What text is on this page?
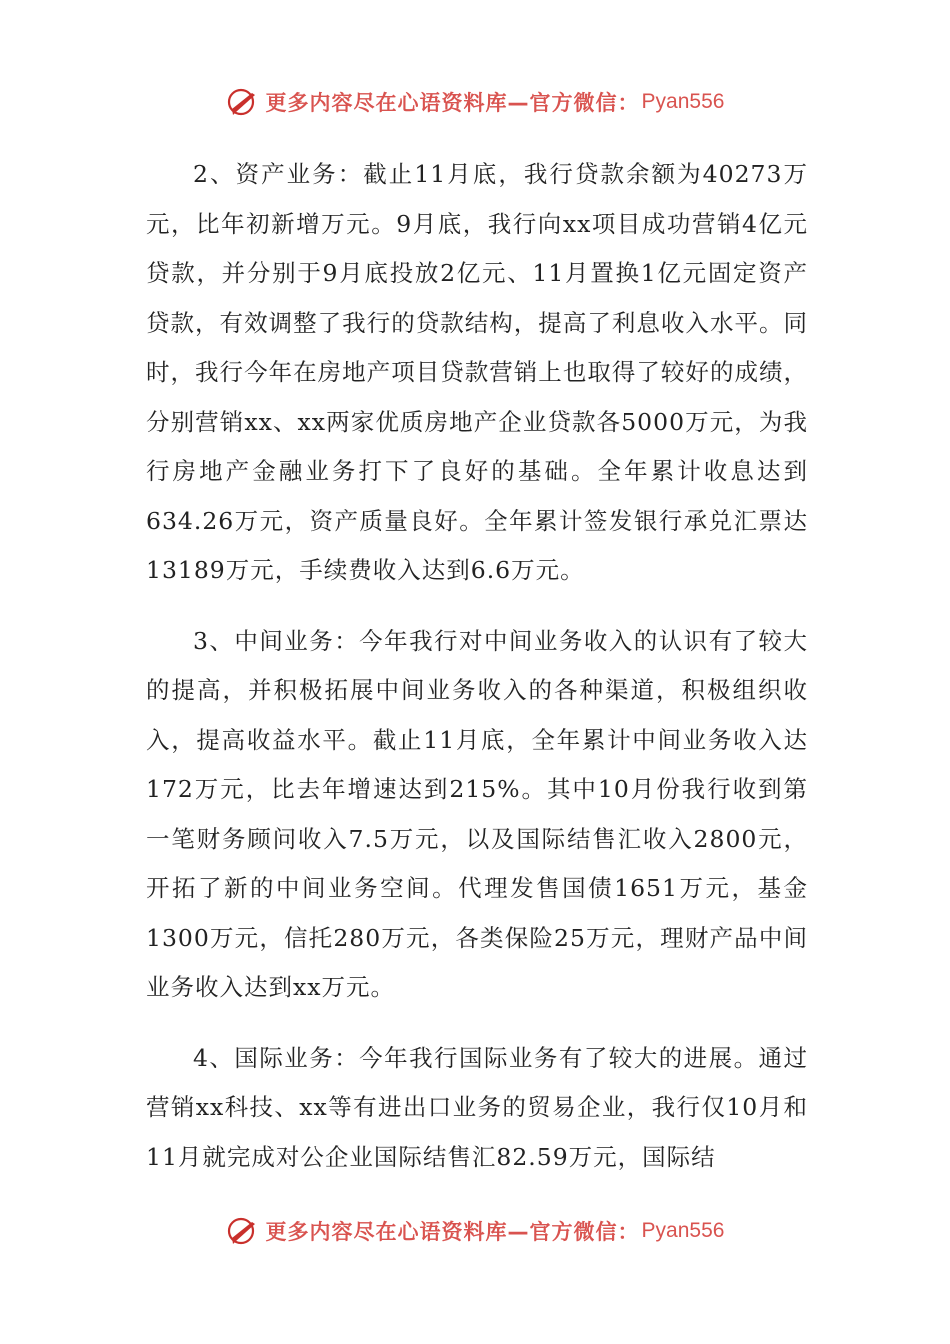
更多内容尽在心语资料库—官方微信： Pyan556

2、资产业务：截止11月底，我行贷款余额为40273万元，比年初新增万元。9月底，我行向xx项目成功营销4亿元贷款，并分别于9月底投放2亿元、11月置换1亿元固定资产贷款，有效调整了我行的贷款结构，提高了利息收入水平。同时，我行今年在房地产项目贷款营销上也取得了较好的成绩，分别营销xx、xx两家优质房地产企业贷款各5000万元，为我行房地产金融业务打下了良好的基础。全年累计收息达到634.26万元，资产质量良好。全年累计签发银行承兑汇票达13189万元，手续费收入达到6.6万元。

3、中间业务：今年我行对中间业务收入的认识有了较大的提高，并积极拓展中间业务收入的各种渠道，积极组织收入，提高收益水平。截止11月底，全年累计中间业务收入达172万元，比去年增速达到215%。其中10月份我行收到第一笔财务顾问收入7.5万元，以及国际结售汇收入2800元，开拓了新的中间业务空间。代理发售国债1651万元，基金1300万元，信托280万元，各类保险25万元，理财产品中间业务收入达到xx万元。

4、国际业务：今年我行国际业务有了较大的进展。通过营销xx科技、xx等有进出口业务的贸易企业，我行仅10月和11月就完成对公企业国际结售汇82.59万元，国际结

更多内容尽在心语资料库—官方微信： Pyan556
